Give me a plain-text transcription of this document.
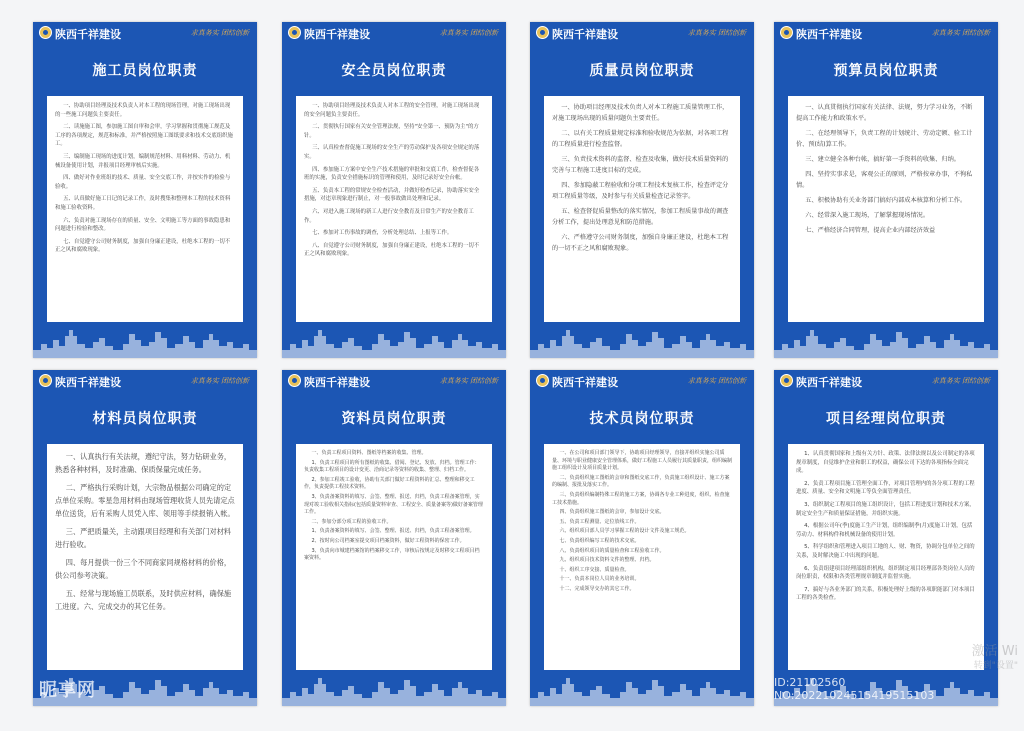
陕西千祥建设	求真务实 团结创新
施工员岗位职责

一、协助项目经理及技术负责人对本工程的现场管理，对施工现场出现的一些施工问题负主要责任。

二、读施施工图，参加施工图自审和会审，学习掌握和贯彻施工规范及工序的各项规定，规范和标准，并严格按照施工图纸要求和技术交底组织施工。

三、编制施工现场的进度计划，编制规范材料、用料材料、劳动力、机械设备使用计划，并报项目经理审核后实施。

四、做好对作业班组的技术、质量、安全交底工作，并按实作的检验与验收。

五、认真做好施工日记的记录工作，及时搜集和整理本工程的技术资料和施工验收资料。

六、负责对施工现场存在的质量、安全、文明施工等方面的事故隐患和问题进行检验和整改。

七、自觉遵守公司财务制度，加强自身廉正建设，杜绝本工程的一切不正之风和腐败现象。

陕西千祥建设	求真务实 团结创新
安全员岗位职责

一、协助项目经理及技术负责人对本工程的安全管理，对施工现场出现的安全问题负主要责任。

二、贯彻执行国家有关安全管理法规，坚持"安全第一、预防为主"的方针。

三、认真检查督促施工现场的安全生产的劳动保护及各项安全规定的落实。

四、参加施工方案中安全生产技术措施的审批和交底工作，检查督促各班的实施，负责安全措施标识的管理和使用，及时记录好安全台帐。

五、负责本工程的常规安全检查活动，并做好检查记录，协助落实安全措施，对违章现象进行制止，对一般事故做出处理和记录。

六、对进入施工现场的新工人进行安全教育及日常生产的安全教育工作。

七、参加对工伤事故的调查，分析处理总结、上报等工作。

八、自觉遵守公司财务制度，加强自身廉正建设，杜绝本工程的一切不正之风和腐败现象。

陕西千祥建设	求真务实 团结创新
质量员岗位职责

一、协助项目经理及技术负责人对本工程施工质量管理工作，对施工现场出现的质量问题负主要责任。

二、以有关工程质量规定标准和验收规范为依据，对各项工程的工程质量进行检查监督。

三、负责技术资料的监督、检查及收集，做好技术质量资料的完善与工程施工进度目标的完成。

四、参加隐蔽工程验收和分项工程技术复核工作，检查评定分项工程质量等级，及时参与有关质量检查记录签字。

五、检查督促质量整改的落实情况，参加工程质量事故的调查分析工作，提出处理意见和防范措施。

六、严格遵守公司财务制度，加强自身廉正建设，杜绝本工程的一切不正之风和腐败现象。

陕西千祥建设	求真务实 团结创新
预算员岗位职责

一、认真贯彻执行国家有关法律、法规，努力学习业务，不断提高工作能力和政策水平。

二、在经理领导下，负责工程的计划统计、劳动定额、验工计价、预(结)算工作。

三、建立健全各种台帐，搞好第一手资料的收集、归纳。

四、坚持实事求是，客观公正的原则，严格按章办事，不徇私情。

五、积极协助有关业务部门搞好内部成本核算和分析工作。

六、经常深入施工现场，了解掌握现场情况。

七、严格经济合同管理，提高企业内部经济效益

陕西千祥建设	求真务实 团结创新
材料员岗位职责

一、认真执行有关法规，遵纪守法，努力钻研业务，熟悉各种材料，及时准确、保质保量完成任务。

二、严格执行采购计划，大宗物品根据公司确定的定点单位采购。零星急用材料由现场管理收货人员先请定点单位送货，后有采购人员凭入库、领用等手续报销入帐。

三、严把质量关，主动跟项目经理和有关部门对材料进行验收。

四、每月提供一份三个不同商家同规格材料的价格，供公司参考决策。

五、经常与现场施工员联系，及时供应材料，确保施工进度。六、完成交办的其它任务。

昵享网
陕西千祥建设	求真务实 团结创新
资料员岗位职责

一、负责工程项目资料、图纸等档案的收集、管理。

1、负责工程项目的所有图纸的收集、借阅、登记、发放、归档。管理工作：负责收集工程项目的设计变更、洽商记录等资料的收集、整理、归档工作。

2、参加工程竣工验收，协助有关部门做好工程资料的汇总、整理和移交工作，负责提供工程技术资料。

3、负责备案资料的填写、会签、整理、报送、归档，负责工程备案管理，实现对竣工验收相关指标(包括质量资料审查、工程安全、质量备案等)做好备案管理工作。

二、参加分部分项工程的验收工作。

1、负责备案资料的填写、会签、整理、报送、归档，负责工程备案管理。

2、按时向公司档案室提交项目档案资料，做好工程资料的保密工作。

3、负责向市城建档案馆的档案移交工作，审核后按规定及时移交工程项目档案资料。

陕西千祥建设	求真务实 团结创新
技术员岗位职责

一、在公司和项目部门领导下，协助项目经理领导，直接并组织实施公司质量、环境与职业健康安全管理体系，做好工程施工人员履行其质量职责，组织编制施工组织设计及项目质量计划。

二、负责组织施工图纸的会审和图纸交底工作，负责施工组织设计、施工方案的编制、报批及落实工作。

三、负责组织编制特殊工程的施工方案，协调各专业工种进度，组织、检查施工技术措施。

四、负责组织施工图纸的会审，参加设计交底。

五、负责工程测量、定位放线工作。

六、组织项目部人员学习掌握工程的设计文件及施工规范。

七、负责组织编写工程的技术交底。

八、负责组织项目的质量检查和工程验收工作。

九、组织项目技术资料文件的整理、归档。

十、组织工序交接、质量检查。

十一、负责本岗位人员的业务培训。

十二、完成领导交办的其它工作。

陕西千祥建设	求真务实 团结创新
项目经理岗位职责

1、认真贯彻国家和上级有关方针、政策、法律法规以及公司制定的各项规章制度，自觉维护企业和职工的权益，确保公司下达的各项指标全面完成。

2、负责工程项目施工管理全面工作，对项目管理内的各分项工程的工程进度、质量、安全和文明施工等负全面管理责任。

3、组织制定工程项目的施工组织设计，包括工程进度计划和技术方案，制定安全生产和质量保证措施，并组织实施。

4、根据公司年(季)度施工生产计划，组织编制季(月)度施工计划，包括劳动力、材料构件和机械设备的使用计划。

5、科学组织和管理进入项目工地的人、财、物资，协调分包单位之间的关系，及时解决施工中出现的问题。

6、负责组建项目经理部组织机构，组织制定项目经理部各类岗位人员的岗位职责，权限和各类管理规章制度并监督实施。

7、搞好与各业务部门的关系，积极处理好上级的各项职能部门对本项目工程的各类检查。

ID:21102560 NO:20221024515419515103
激活 Wi
转到"设置"
